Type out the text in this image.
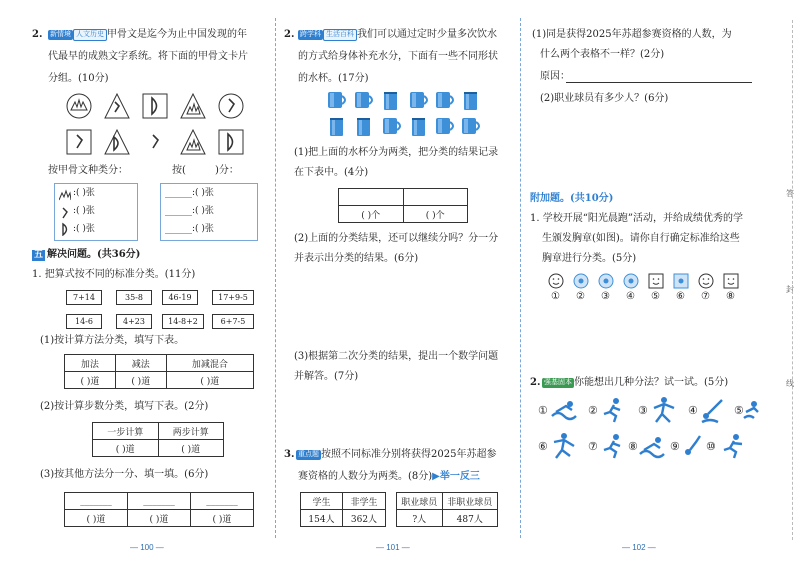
2. 新情境 人文历史 甲骨文是迄今为止中国发现的年
代最早的成熟文字系统。将下面的甲骨文卡片
分组。(10分)
按甲骨文种类分：	按(	)分：
:( )张
:( )张
:( )张
______:( )张
______:( )张
______:( )张
五 解决问题。(共36分)
1. 把算式按不同的标准分类。(11分)
7+14	35-8	46-19	17+9-5
14-6	4+23	14-8+2	6+7-5
(1)按计算方法分类，填写下表。
加法	减法	加减混合
( )道	( )道	( )道
(2)按计算步数分类，填写下表。(2分)
一步计算	两步计算
( )道	( )道
(3)按其他方法分一分、填一填。(6分)
_______	_______	_______
( )道	( )道	( )道
— 100 —
2. 跨学科 生活百科 我们可以通过定时少量多次饮水
的方式给身体补充水分，下面有一些不同形状
的水杯。(17分)
(1)把上面的水杯分为两类，把分类的结果记录
在下表中。(4分)

( )个	( )个
(2)上面的分类结果，还可以继续分吗？分一分
并表示出分类的结果。(6分)
(3)根据第二次分类的结果，提出一个数学问题
并解答。(7分)
3. 重点题 按照不同标准分别将获得2025年苏超参
赛资格的人数分为两类。(8分)▶举一反三
学生	非学生
154人	362人
职业球员	非职业球员
?人	487人
— 101 —
(1)同是获得2025年苏超参赛资格的人数，为
什么两个表格不一样？(2分)
原因：
(2)职业球员有多少人？(6分)
附加题。(共10分)
1. 学校开展“阳光晨跑”活动，并给成绩优秀的学
生颁发胸章(如图)。请你自行确定标准给这些
胸章进行分类。(5分)
① ② ③ ④ ⑤ ⑥ ⑦ ⑧
2. 强基固本 你能想出几种分法？试一试。(5分)
①	②	③	④	⑤
⑥	⑦	⑧	⑨ ⑩
— 102 —
答
封
线
